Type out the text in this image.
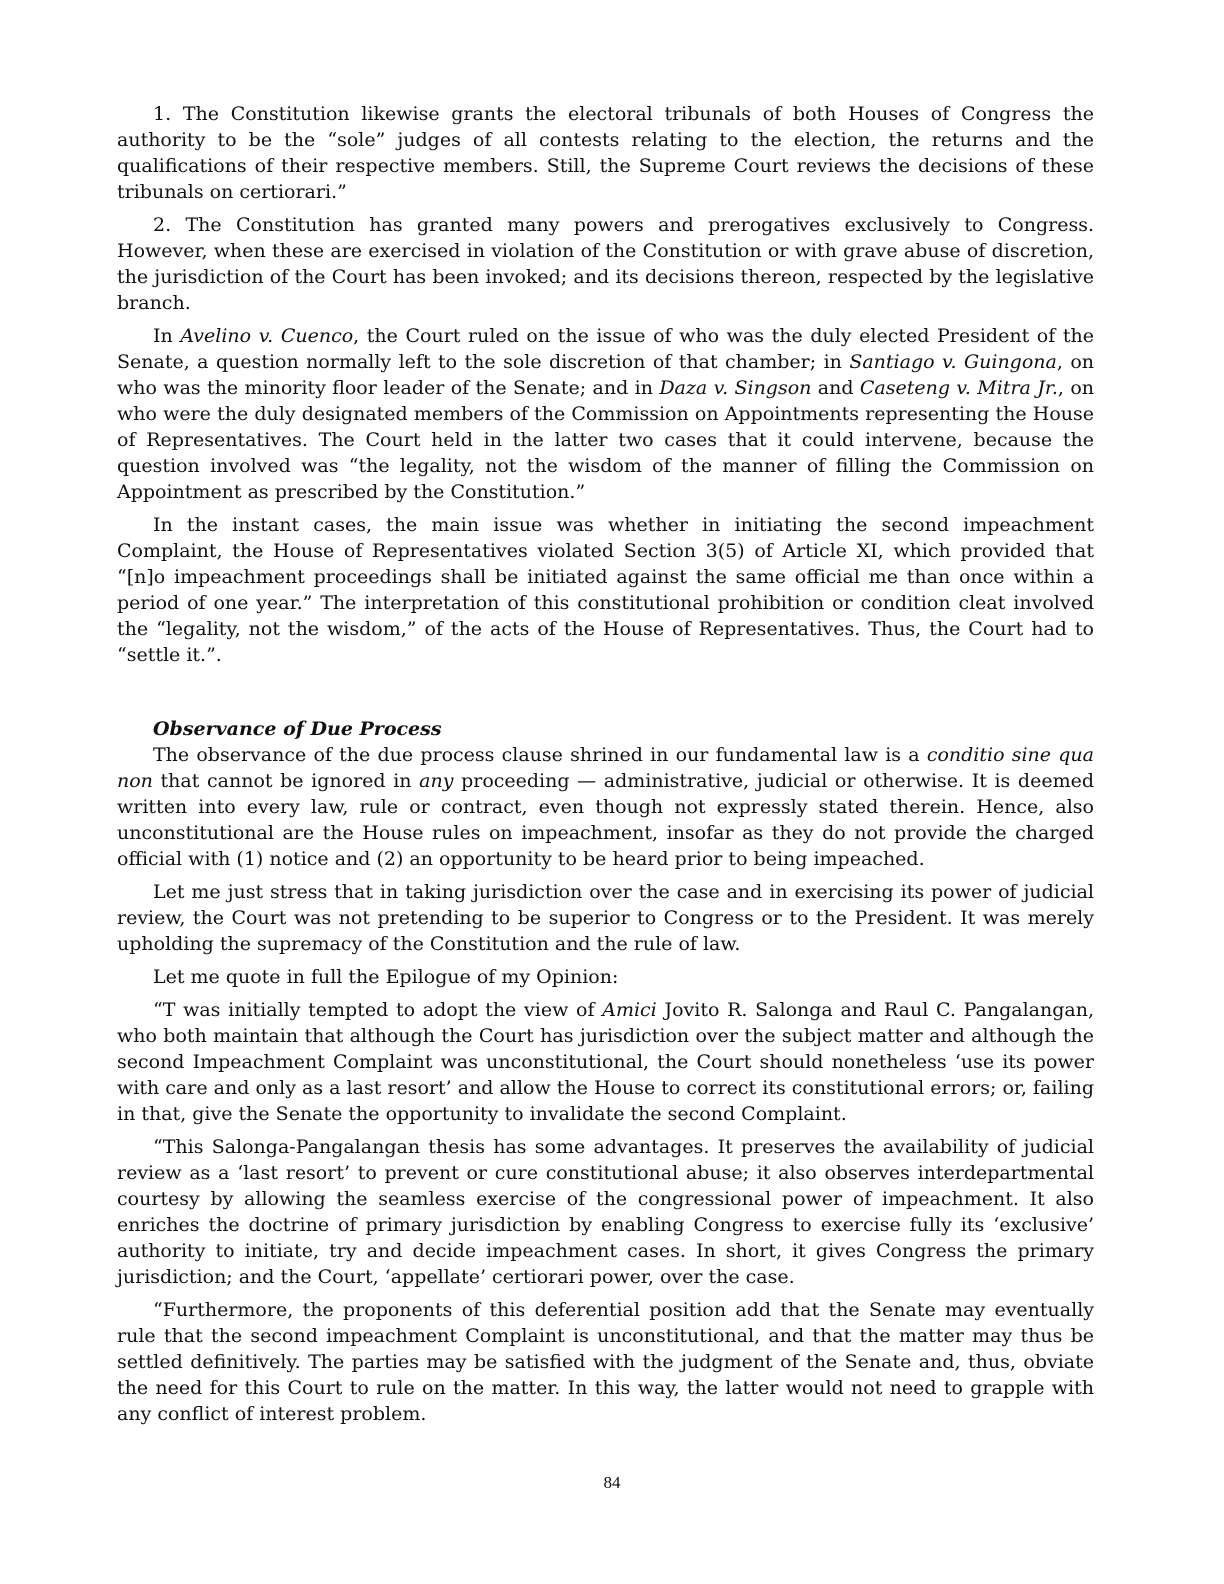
1. The Constitution likewise grants the electoral tribunals of both Houses of Congress the authority to be the “sole” judges of all contests relating to the election, the returns and the qualifications of their respective members. Still, the Supreme Court reviews the decisions of these tribunals on certiorari.”

2. The Constitution has granted many powers and prerogatives exclusively to Congress. However, when these are exercised in violation of the Constitution or with grave abuse of discretion, the jurisdiction of the Court has been invoked; and its decisions thereon, respected by the legislative branch.

In Avelino v. Cuenco, the Court ruled on the issue of who was the duly elected President of the Senate, a question normally left to the sole discretion of that chamber; in Santiago v. Guingona, on who was the minority floor leader of the Senate; and in Daza v. Singson and Caseteng v. Mitra Jr., on who were the duly designated members of the Commission on Appointments representing the House of Representatives. The Court held in the latter two cases that it could intervene, because the question involved was “the legality, not the wisdom of the manner of filling the Commission on Appointment as prescribed by the Constitution.”

In the instant cases, the main issue was whether in initiating the second impeachment Complaint, the House of Representatives violated Section 3(5) of Article XI, which provided that “[n]o impeachment proceedings shall be initiated against the same official me than once within a period of one year.” The interpretation of this constitutional prohibition or condition cleat involved the “legality, not the wisdom,” of the acts of the House of Representatives. Thus, the Court had to “settle it.”.

Observance of Due Process

The observance of the due process clause shrined in our fundamental law is a conditio sine qua non that cannot be ignored in any proceeding — administrative, judicial or otherwise. It is deemed written into every law, rule or contract, even though not expressly stated therein. Hence, also unconstitutional are the House rules on impeachment, insofar as they do not provide the charged official with (1) notice and (2) an opportunity to be heard prior to being impeached.

Let me just stress that in taking jurisdiction over the case and in exercising its power of judicial review, the Court was not pretending to be superior to Congress or to the President. It was merely upholding the supremacy of the Constitution and the rule of law.

Let me quote in full the Epilogue of my Opinion:

“T was initially tempted to adopt the view of Amici Jovito R. Salonga and Raul C. Pangalangan, who both maintain that although the Court has jurisdiction over the subject matter and although the second Impeachment Complaint was unconstitutional, the Court should nonetheless ‘use its power with care and only as a last resort’ and allow the House to correct its constitutional errors; or, failing in that, give the Senate the opportunity to invalidate the second Complaint.

“This Salonga-Pangalangan thesis has some advantages. It preserves the availability of judicial review as a ‘last resort’ to prevent or cure constitutional abuse; it also observes interdepartmental courtesy by allowing the seamless exercise of the congressional power of impeachment. It also enriches the doctrine of primary jurisdiction by enabling Congress to exercise fully its ‘exclusive’ authority to initiate, try and decide impeachment cases. In short, it gives Congress the primary jurisdiction; and the Court, ‘appellate’ certiorari power, over the case.

“Furthermore, the proponents of this deferential position add that the Senate may eventually rule that the second impeachment Complaint is unconstitutional, and that the matter may thus be settled definitively. The parties may be satisfied with the judgment of the Senate and, thus, obviate the need for this Court to rule on the matter. In this way, the latter would not need to grapple with any conflict of interest problem.

84
